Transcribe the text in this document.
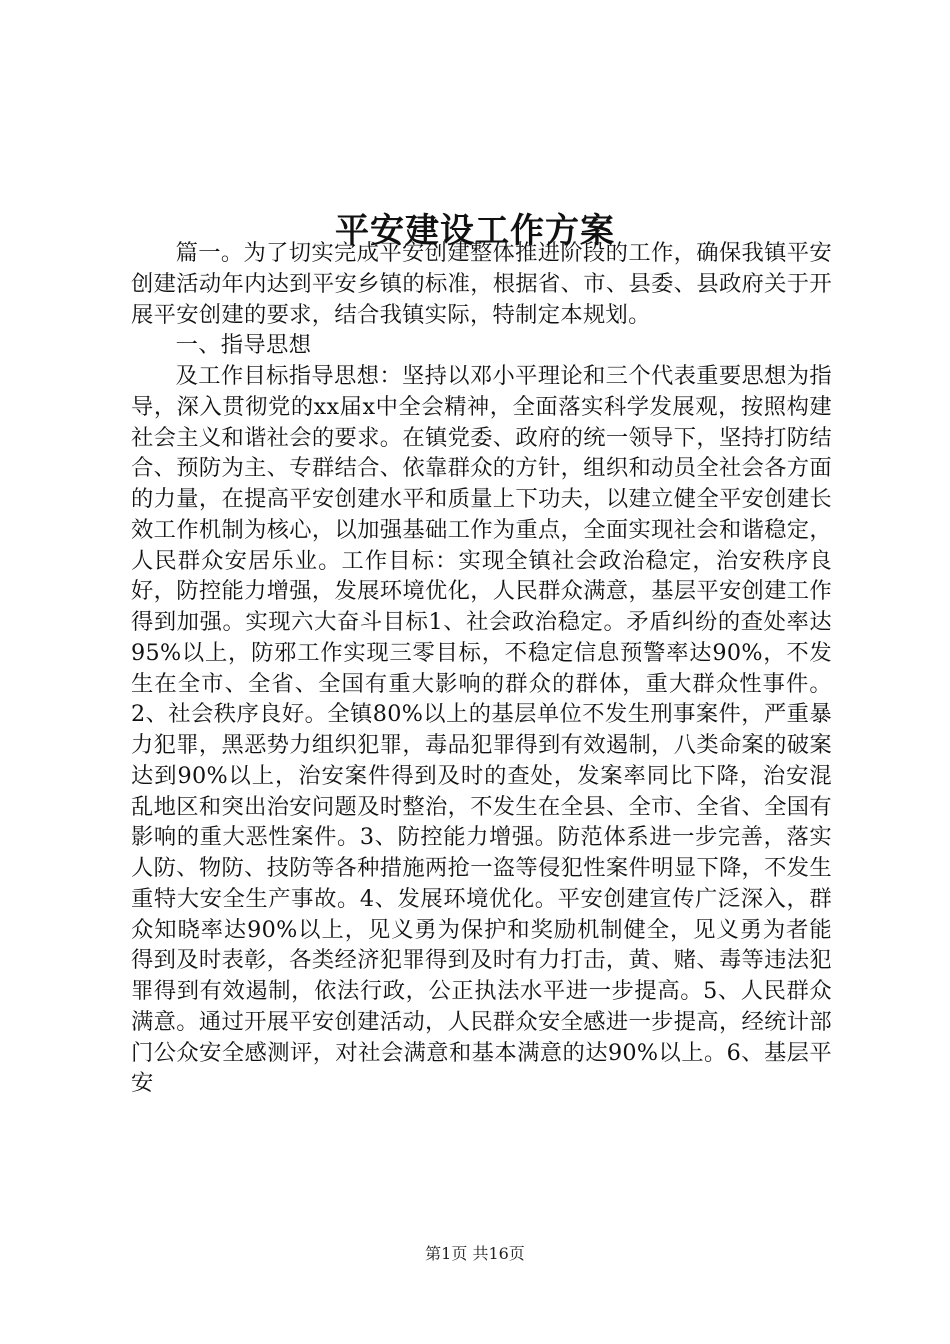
平安建设工作方案

篇一。为了切实完成平安创建整体推进阶段的工作，确保我镇平安创建活动年内达到平安乡镇的标准，根据省、市、县委、县政府关于开展平安创建的要求，结合我镇实际，特制定本规划。

一、指导思想

及工作目标指导思想：坚持以邓小平理论和三个代表重要思想为指导，深入贯彻党的xx届x中全会精神，全面落实科学发展观，按照构建社会主义和谐社会的要求。在镇党委、政府的统一领导下，坚持打防结合、预防为主、专群结合、依靠群众的方针，组织和动员全社会各方面的力量，在提高平安创建水平和质量上下功夫，以建立健全平安创建长效工作机制为核心，以加强基础工作为重点，全面实现社会和谐稳定，人民群众安居乐业。工作目标：实现全镇社会政治稳定，治安秩序良好，防控能力增强，发展环境优化，人民群众满意，基层平安创建工作得到加强。实现六大奋斗目标1、社会政治稳定。矛盾纠纷的查处率达95%以上，防邪工作实现三零目标，不稳定信息预警率达90%，不发生在全市、全省、全国有重大影响的群众的群体，重大群众性事件。2、社会秩序良好。全镇80%以上的基层单位不发生刑事案件，严重暴力犯罪，黑恶势力组织犯罪，毒品犯罪得到有效遏制，八类命案的破案达到90%以上，治安案件得到及时的查处，发案率同比下降，治安混乱地区和突出治安问题及时整治，不发生在全县、全市、全省、全国有影响的重大恶性案件。3、防控能力增强。防范体系进一步完善，落实人防、物防、技防等各种措施两抢一盗等侵犯性案件明显下降，不发生重特大安全生产事故。4、发展环境优化。平安创建宣传广泛深入，群众知晓率达90%以上，见义勇为保护和奖励机制健全，见义勇为者能得到及时表彰，各类经济犯罪得到及时有力打击，黄、赌、毒等违法犯罪得到有效遏制，依法行政，公正执法水平进一步提高。5、人民群众满意。通过开展平安创建活动，人民群众安全感进一步提高，经统计部门公众安全感测评，对社会满意和基本满意的达90%以上。6、基层平安

第1页 共16页
